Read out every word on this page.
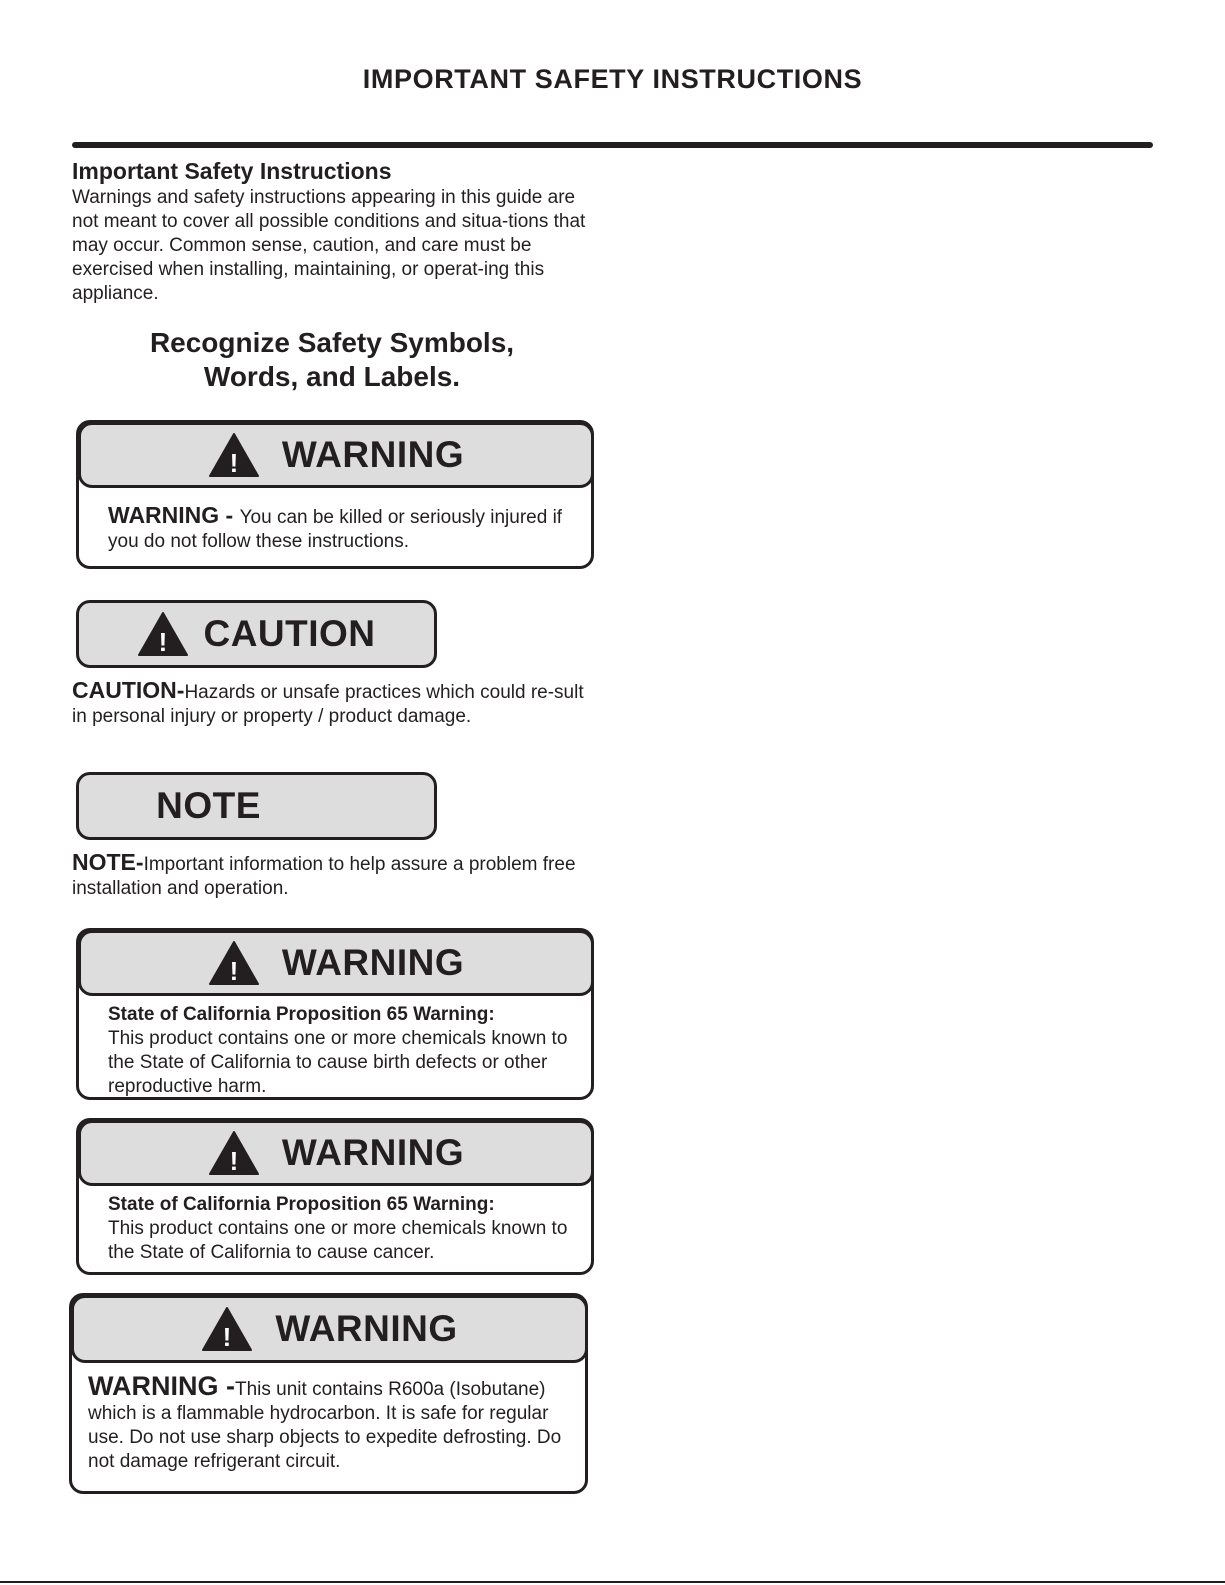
IMPORTANT SAFETY INSTRUCTIONS
Important Safety Instructions
Warnings and safety instructions appearing in this guide are not meant to cover all possible conditions and situa-tions that may occur. Common sense, caution, and care must be exercised when installing, maintaining, or operat-ing this appliance.
Recognize Safety Symbols,
Words, and Labels.
! WARNING
WARNING - You can be killed or seriously injured if you do not follow these instructions.
! CAUTION
CAUTION-Hazards or unsafe practices which could re-sult in personal injury or property / product damage.
NOTE
NOTE-Important information to help assure a problem free installation and operation.
! WARNING
State of California Proposition 65 Warning:
This product contains one or more chemicals known to the State of California to cause birth defects or other reproductive harm.
! WARNING
State of California Proposition 65 Warning:
This product contains one or more chemicals known to the State of California to cause cancer.
! WARNING
WARNING -This unit contains R600a (Isobutane) which is a flammable hydrocarbon. It is safe for regular use. Do not use sharp objects to expedite defrosting. Do not damage refrigerant circuit.
